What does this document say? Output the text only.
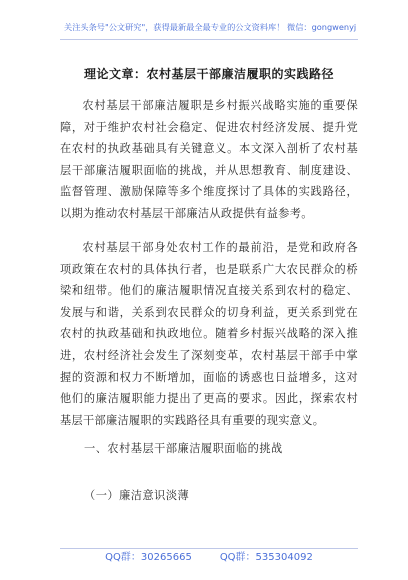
关注头条号"公文研究"，获得最新最全最专业的公文资料库！ 微信：gongwenyj
理论文章：农村基层干部廉洁履职的实践路径

农村基层干部廉洁履职是乡村振兴战略实施的重要保障，对于维护农村社会稳定、促进农村经济发展、提升党在农村的执政基础具有关键意义。本文深入剖析了农村基层干部廉洁履职面临的挑战，并从思想教育、制度建设、监督管理、激励保障等多个维度探讨了具体的实践路径，以期为推动农村基层干部廉洁从政提供有益参考。

农村基层干部身处农村工作的最前沿，是党和政府各项政策在农村的具体执行者，也是联系广大农民群众的桥梁和纽带。他们的廉洁履职情况直接关系到农村的稳定、发展与和谐，关系到农民群众的切身利益，更关系到党在农村的执政基础和执政地位。随着乡村振兴战略的深入推进，农村经济社会发生了深刻变革，农村基层干部手中掌握的资源和权力不断增加，面临的诱惑也日益增多，这对他们的廉洁履职能力提出了更高的要求。因此，探索农村基层干部廉洁履职的实践路径具有重要的现实意义。

一、农村基层干部廉洁履职面临的挑战
（一）廉洁意识淡薄
QQ群：30265665	QQ群：535304092
